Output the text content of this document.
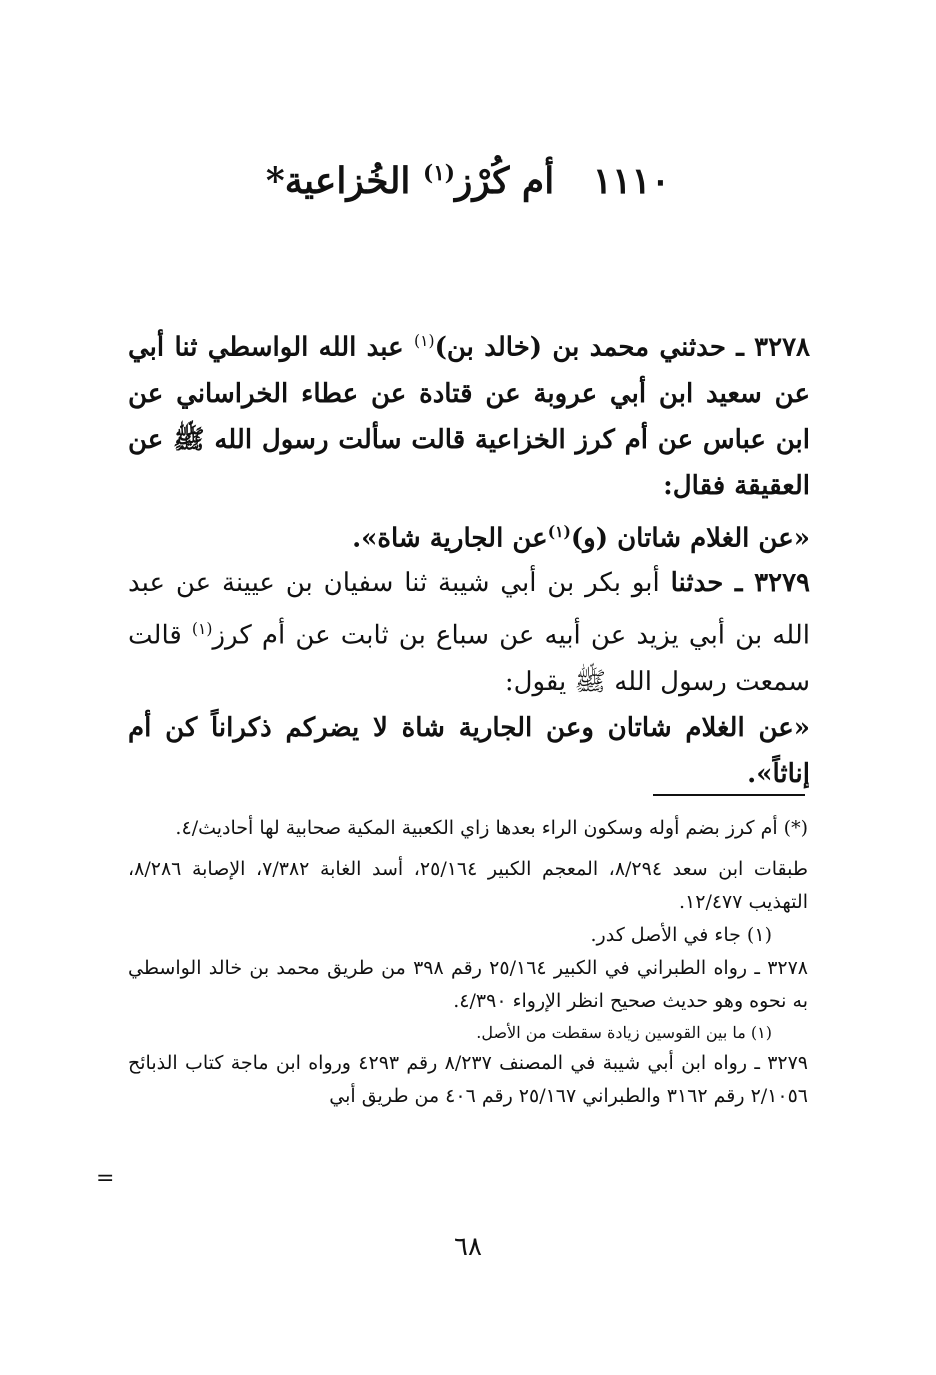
١١١٠ أم كُرْز$^{(١)}$ الخُزاعية*

٣٢٧٨ ـ حدثني محمد بن (خالد بن)$^{(١)}$ عبد الله الواسطي ثنا أبي عن سعيد ابن أبي عروبة عن قتادة عن عطاء الخراساني عن ابن عباس عن أم كرز الخزاعية قالت سألت رسول الله ﷺ عن العقيقة فقال:

«عن الغلام شاتان (و)$^{(١)}$عن الجارية شاة».

٣٢٧٩ ـ حدثنا أبو بكر بن أبي شيبة ثنا سفيان بن عيينة عن عبد الله بن أبي يزيد عن أبيه عن سباع بن ثابت عن أم كرز$^{(١)}$ قالت سمعت رسول الله ﷺ يقول:

«عن الغلام شاتان وعن الجارية شاة لا يضركم ذكراناً كن أم إناثاً».

(*) أم كرز بضم أوله وسكون الراء بعدها زاي الكعبية المكية صحابية لها أحاديث/٤.

طبقات ابن سعد ٨/٢٩٤، المعجم الكبير ٢٥/١٦٤، أسد الغابة ٧/٣٨٢، الإصابة ٨/٢٨٦، التهذيب ١٢/٤٧٧.

(١) جاء في الأصل كدر.

٣٢٧٨ ـ رواه الطبراني في الكبير ٢٥/١٦٤ رقم ٣٩٨ من طريق محمد بن خالد الواسطي به نحوه وهو حديث صحيح انظر الإرواء ٤/٣٩٠.

(١) ما بين القوسين زيادة سقطت من الأصل.

٣٢٧٩ ـ رواه ابن أبي شيبة في المصنف ٨/٢٣٧ رقم ٤٢٩٣ ورواه ابن ماجة كتاب الذبائح ٢/١٠٥٦ رقم ٣١٦٢ والطبراني ٢٥/١٦٧ رقم ٤٠٦ من طريق أبي

=
٦٨
